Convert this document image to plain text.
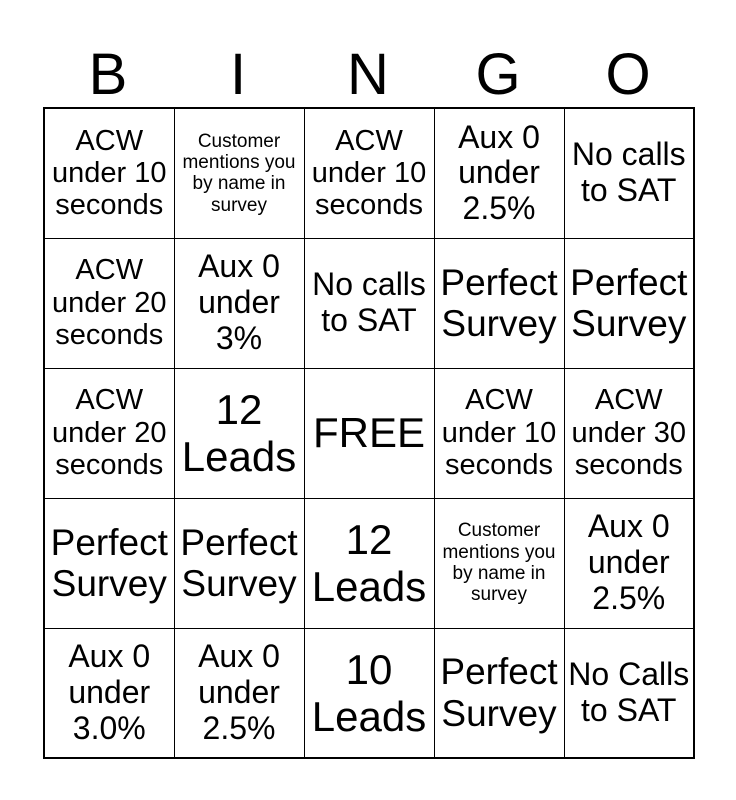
B	I	N	G	O
ACW under 10 seconds	Customer mentions you by name in survey	ACW under 10 seconds	Aux 0 under 2.5%	No calls to SAT
ACW under 20 seconds	Aux 0 under 3%	No calls to SAT	Perfect Survey	Perfect Survey
ACW under 20 seconds	12 Leads	FREE	ACW under 10 seconds	ACW under 30 seconds
Perfect Survey	Perfect Survey	12 Leads	Customer mentions you by name in survey	Aux 0 under 2.5%
Aux 0 under 3.0%	Aux 0 under 2.5%	10 Leads	Perfect Survey	No Calls to SAT
